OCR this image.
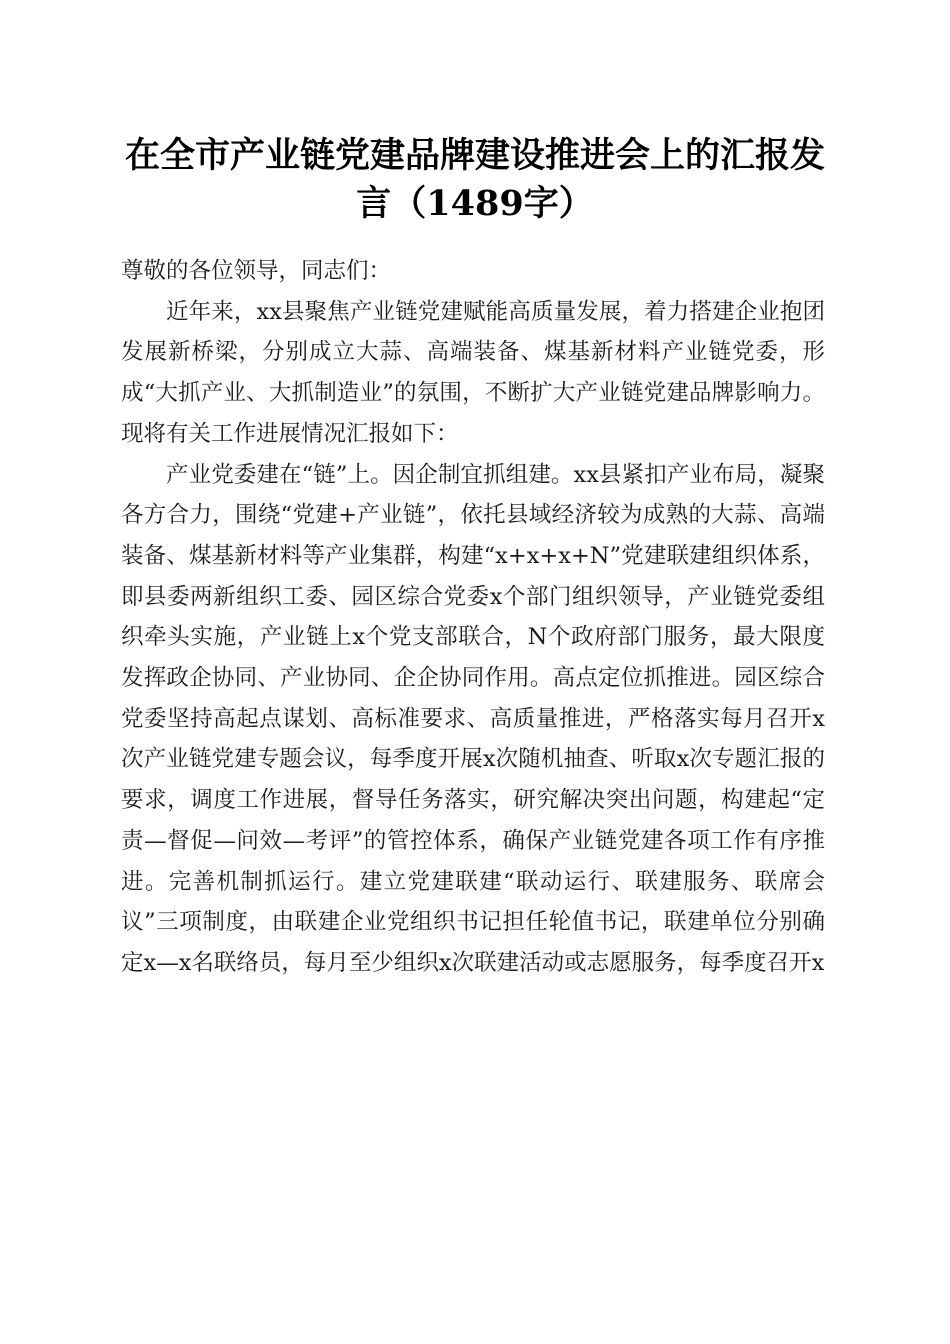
在全市产业链党建品牌建设推进会上的汇报发言（1489字）

尊敬的各位领导，同志们：

近年来，xx县聚焦产业链党建赋能高质量发展，着力搭建企业抱团发展新桥梁，分别成立大蒜、高端装备、煤基新材料产业链党委，形成“大抓产业、大抓制造业”的氛围，不断扩大产业链党建品牌影响力。现将有关工作进展情况汇报如下：

产业党委建在“链”上。因企制宜抓组建。xx县紧扣产业布局，凝聚各方合力，围绕“党建+产业链”，依托县域经济较为成熟的大蒜、高端装备、煤基新材料等产业集群，构建“x+x+x+N”党建联建组织体系，即县委两新组织工委、园区综合党委x个部门组织领导，产业链党委组织牵头实施，产业链上x个党支部联合，N个政府部门服务，最大限度发挥政企协同、产业协同、企企协同作用。高点定位抓推进。园区综合党委坚持高起点谋划、高标准要求、高质量推进，严格落实每月召开x次产业链党建专题会议，每季度开展x次随机抽查、听取x次专题汇报的要求，调度工作进展，督导任务落实，研究解决突出问题，构建起“定责—督促—问效—考评”的管控体系，确保产业链党建各项工作有序推进。完善机制抓运行。建立党建联建“联动运行、联建服务、联席会议”三项制度，由联建企业党组织书记担任轮值书记，联建单位分别确定x—x名联络员，每月至少组织x次联建活动或志愿服务，每季度召开x
